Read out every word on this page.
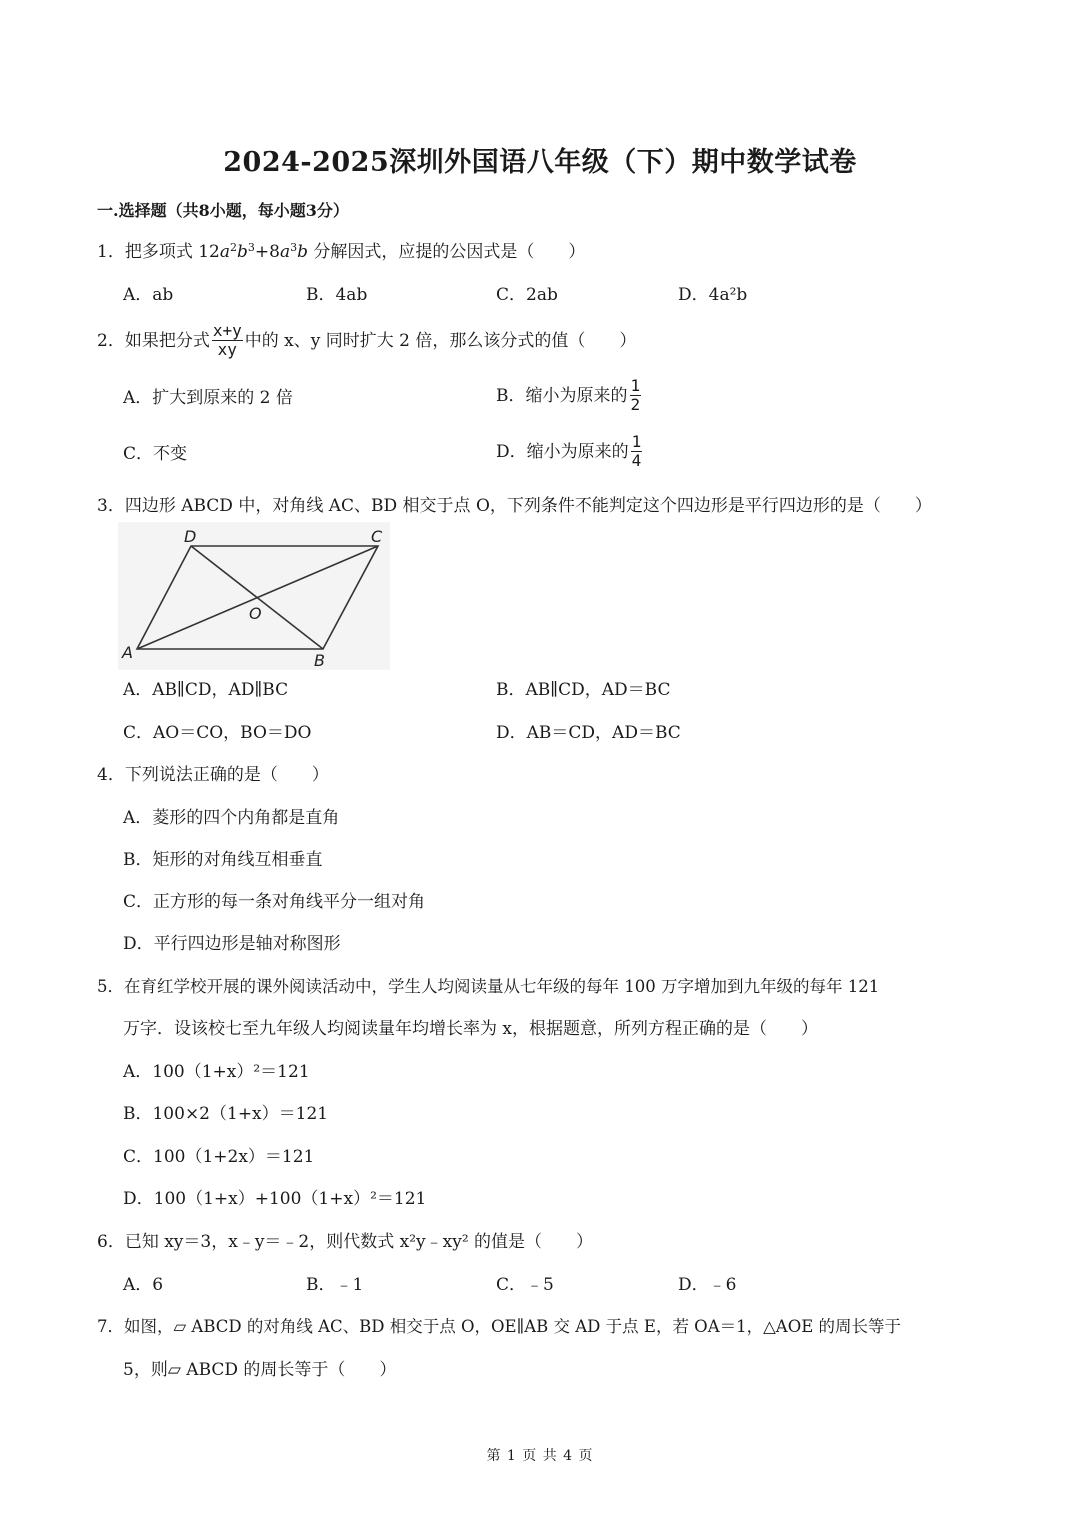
2024-2025深圳外国语八年级（下）期中数学试卷
一.选择题（共8小题，每小题3分）
1．把多项式 $12a^2b^3+8a^3b$ 分解因式，应提的公因式是（　　）
A．ab	B．4ab	C．2ab	D．4a²b
2．如果把分式 $\frac{x+y}{xy}$ 中的 x、y 同时扩大 2 倍，那么该分式的值（　　）
A．扩大到原来的 2 倍	B．缩小为原来的 $\frac{1}{2}$
C．不变	D．缩小为原来的 $\frac{1}{4}$
3．四边形 ABCD 中，对角线 AC、BD 相交于点 O，下列条件不能判定这个四边形是平行四边形的是（　　）
D	C
O
A	B
A．AB∥CD，AD∥BC	B．AB∥CD，AD＝BC
C．AO＝CO，BO＝DO	D．AB＝CD，AD＝BC
4．下列说法正确的是（　　）
A．菱形的四个内角都是直角
B．矩形的对角线互相垂直
C．正方形的每一条对角线平分一组对角
D．平行四边形是轴对称图形
5．在育红学校开展的课外阅读活动中，学生人均阅读量从七年级的每年 100 万字增加到九年级的每年 121
万字．设该校七至九年级人均阅读量年均增长率为 x，根据题意，所列方程正确的是（　　）
A．100（1+x）²＝121
B．100×2（1+x）＝121
C．100（1+2x）＝121
D．100（1+x）+100（1+x）²＝121
6．已知 xy＝3，x﹣y＝﹣2，则代数式 x²y﹣xy² 的值是（　　）
A．6	B．﹣1	C．﹣5	D．﹣6
7．如图，▱ ABCD 的对角线 AC、BD 相交于点 O，OE∥AB 交 AD 于点 E，若 OA＝1，△AOE 的周长等于
5，则▱ ABCD 的周长等于（　　）
第 1 页 共 4 页
